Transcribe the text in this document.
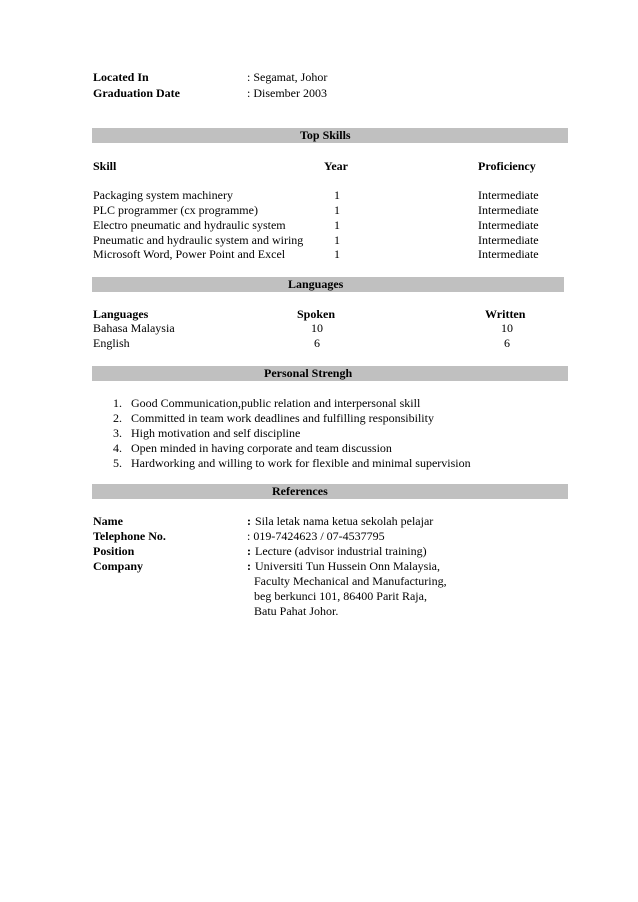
Located In	: Segamat, Johor
Graduation Date	: Disember 2003
Top Skills
Skill	Year	Proficiency
Packaging system machinery	1	Intermediate
PLC programmer (cx programme)	1	Intermediate
Electro pneumatic and hydraulic system	1	Intermediate
Pneumatic and hydraulic system and wiring	1	Intermediate
Microsoft Word, Power Point and Excel	1	Intermediate
Languages
Languages	Spoken	Written
Bahasa Malaysia	10	10
English	6	6
Personal Strengh
1. Good Communication,public relation and interpersonal skill
2. Committed in team work deadlines and fulfilling responsibility
3. High motivation and self discipline
4. Open minded in having corporate and team discussion
5. Hardworking and willing to work for flexible and minimal supervision
References
Name	: Sila letak nama ketua sekolah pelajar
Telephone No.	: 019-7424623 / 07-4537795
Position	: Lecture (advisor industrial training)
Company	: Universiti Tun Hussein Onn Malaysia,
Faculty Mechanical and Manufacturing,
beg berkunci 101, 86400 Parit Raja,
Batu Pahat Johor.
